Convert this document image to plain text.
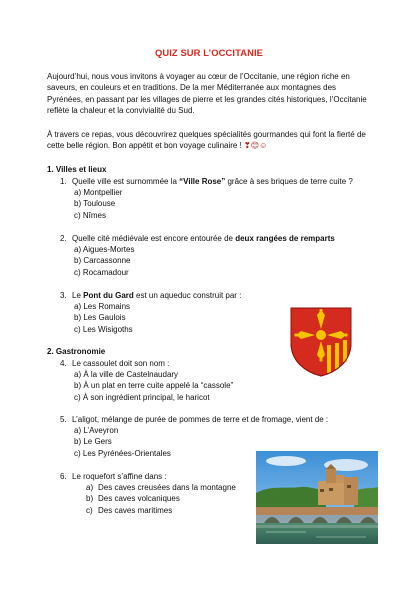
QUIZ SUR L’OCCITANIE

Aujourd’hui, nous vous invitons à voyager au cœur de l’Occitanie, une région riche en saveurs, en couleurs et en traditions. De la mer Méditerranée aux montagnes des Pyrénées, en passant par les villages de pierre et les grandes cités historiques, l’Occitanie reflète la chaleur et la convivialité du Sud.

À travers ce repas, vous découvrirez quelques spécialités gourmandes qui font la fierté de cette belle région. Bon appétit et bon voyage culinaire ! ❣😊☺

1. Villes et lieux
1. Quelle ville est surnommée la “Ville Rose” grâce à ses briques de terre cuite ?
a) Montpellier
b) Toulouse
c) Nîmes
2. Quelle cité médiévale est encore entourée de deux rangées de remparts
a) Aigues-Mortes
b) Carcassonne
c) Rocamadour
3. Le Pont du Gard est un aqueduc construit par :
a) Les Romains
b) Les Gaulois
c) Les Wisigoths
2. Gastronomie
4. Le cassoulet doit son nom :
a) À la ville de Castelnaudary
b) À un plat en terre cuite appelé la “cassole”
c) À son ingrédient principal, le haricot
5. L’aligot, mélange de purée de pommes de terre et de fromage, vient de :
a) L’Aveyron
b) Le Gers
c) Les Pyrénées-Orientales
6. Le roquefort s’affine dans :
a) Des caves creusées dans la montagne
b) Des caves volcaniques
c) Des caves maritimes
